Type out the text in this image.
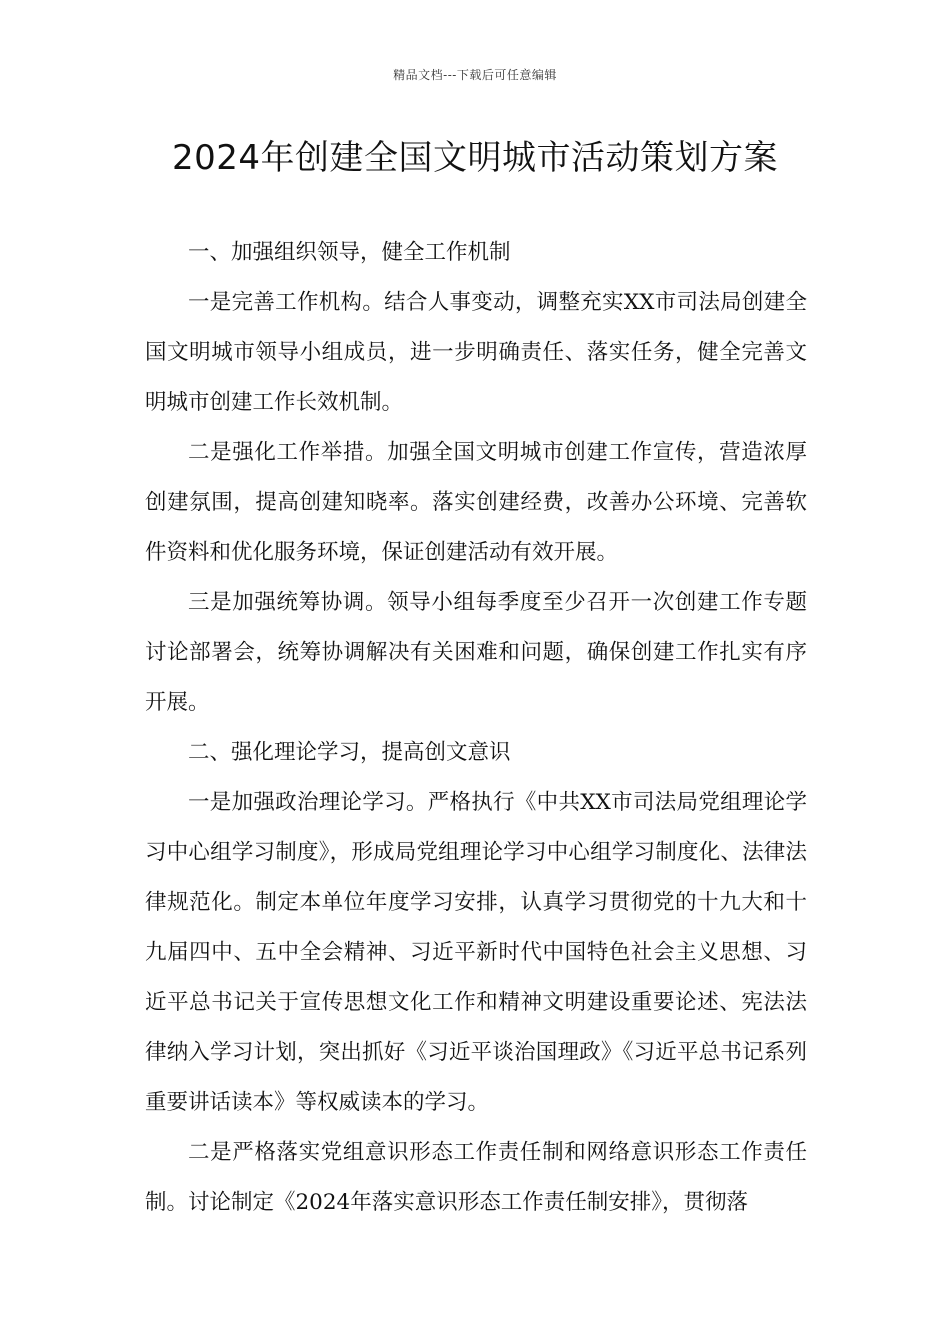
精品文档---下载后可任意编辑
2024年创建全国文明城市活动策划方案

一、加强组织领导，健全工作机制

一是完善工作机构。结合人事变动，调整充实XX市司法局创建全国文明城市领导小组成员，进一步明确责任、落实任务，健全完善文明城市创建工作长效机制。

二是强化工作举措。加强全国文明城市创建工作宣传，营造浓厚创建氛围，提高创建知晓率。落实创建经费，改善办公环境、完善软件资料和优化服务环境，保证创建活动有效开展。

三是加强统筹协调。领导小组每季度至少召开一次创建工作专题讨论部署会，统筹协调解决有关困难和问题，确保创建工作扎实有序开展。

二、强化理论学习，提高创文意识

一是加强政治理论学习。严格执行《中共XX市司法局党组理论学习中心组学习制度》，形成局党组理论学习中心组学习制度化、法律法律规范化。制定本单位年度学习安排，认真学习贯彻党的十九大和十九届四中、五中全会精神、习近平新时代中国特色社会主义思想、习近平总书记关于宣传思想文化工作和精神文明建设重要论述、宪法法律纳入学习计划，突出抓好《习近平谈治国理政》《习近平总书记系列重要讲话读本》等权威读本的学习。

二是严格落实党组意识形态工作责任制和网络意识形态工作责任制。讨论制定《2024年落实意识形态工作责任制安排》，贯彻落
